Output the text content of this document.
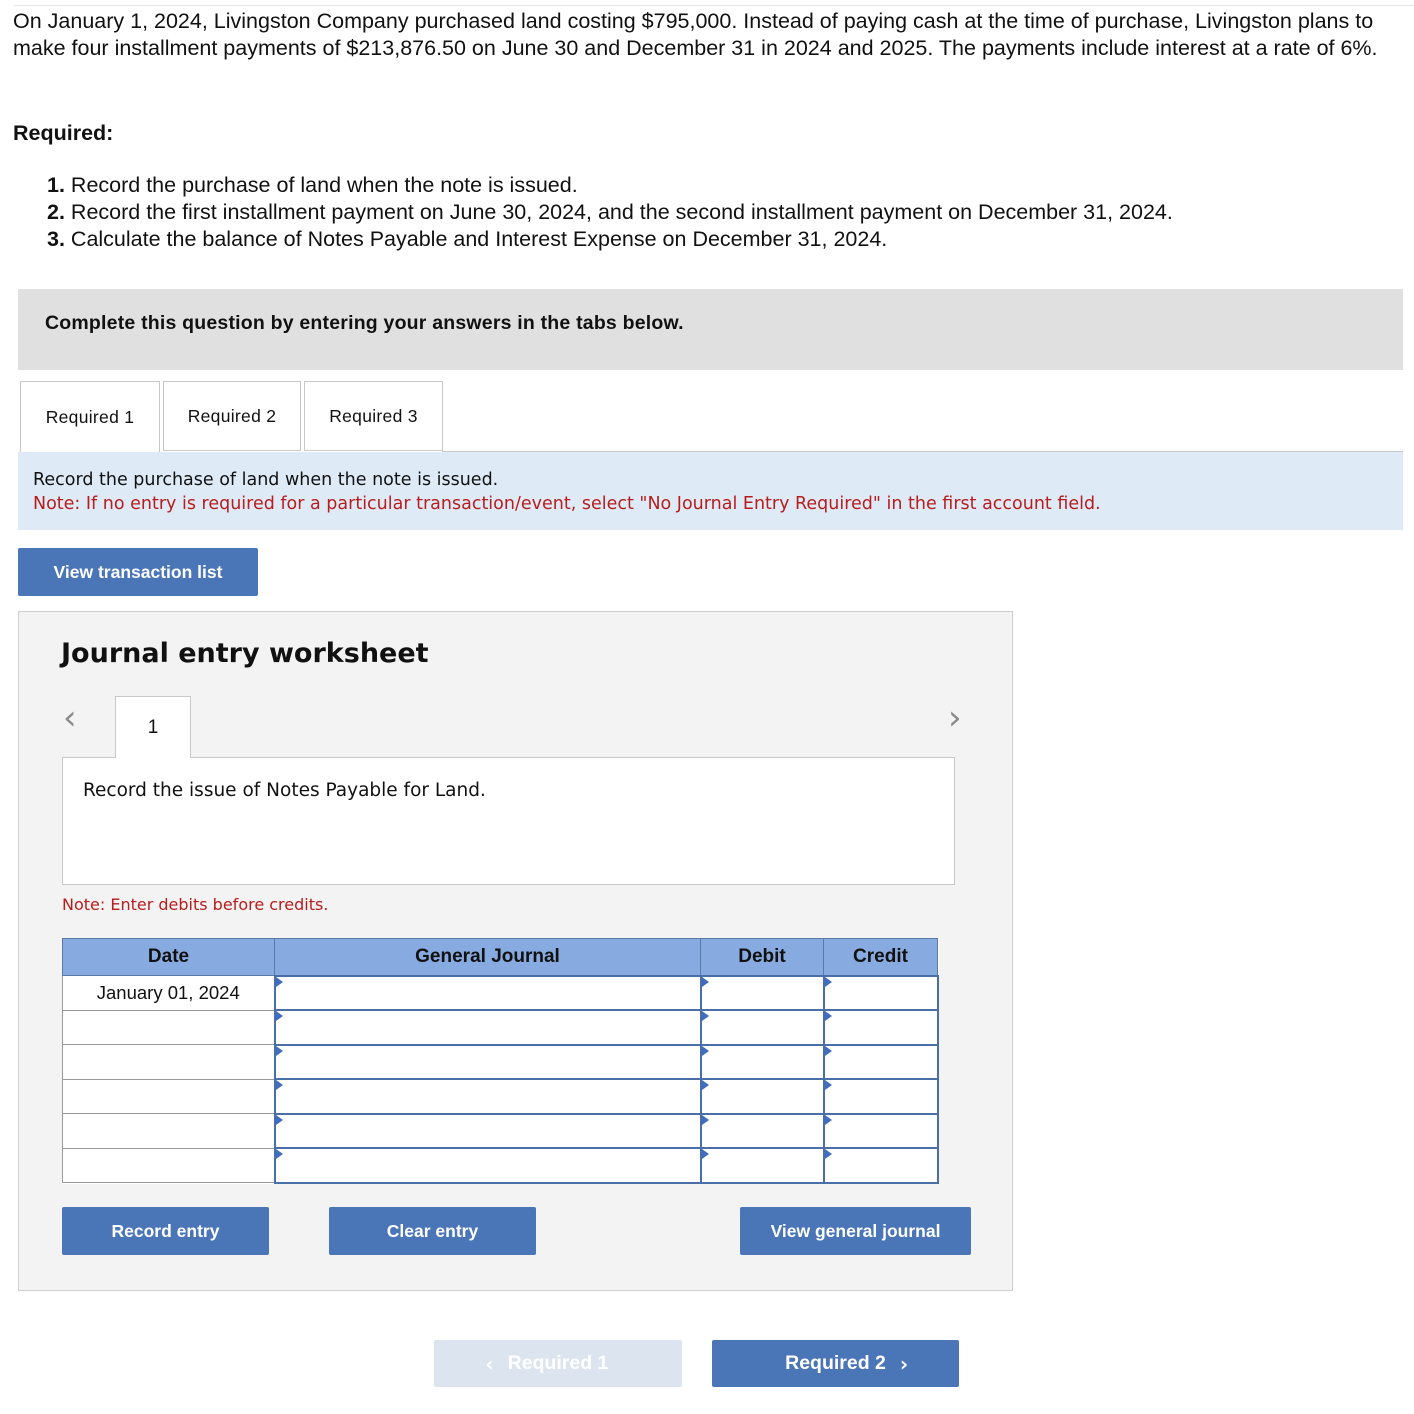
On January 1, 2024, Livingston Company purchased land costing $795,000. Instead of paying cash at the time of purchase, Livingston plans to make four installment payments of $213,876.50 on June 30 and December 31 in 2024 and 2025. The payments include interest at a rate of 6%.

Required:
1. Record the purchase of land when the note is issued.
2. Record the first installment payment on June 30, 2024, and the second installment payment on December 31, 2024.
3. Calculate the balance of Notes Payable and Interest Expense on December 31, 2024.
Complete this question by entering your answers in the tabs below.
Required 1	Required 2	Required 3
Record the purchase of land when the note is issued.
Note: If no entry is required for a particular transaction/event, select "No Journal Entry Required" in the first account field.
View transaction list
Journal entry worksheet
‹	1	›
Record the issue of Notes Payable for Land.
Note: Enter debits before credits.
Date	General Journal	Debit	Credit
January 01, 2024			

Record entry	Clear entry	View general journal
‹ Required 1	Required 2 ›
